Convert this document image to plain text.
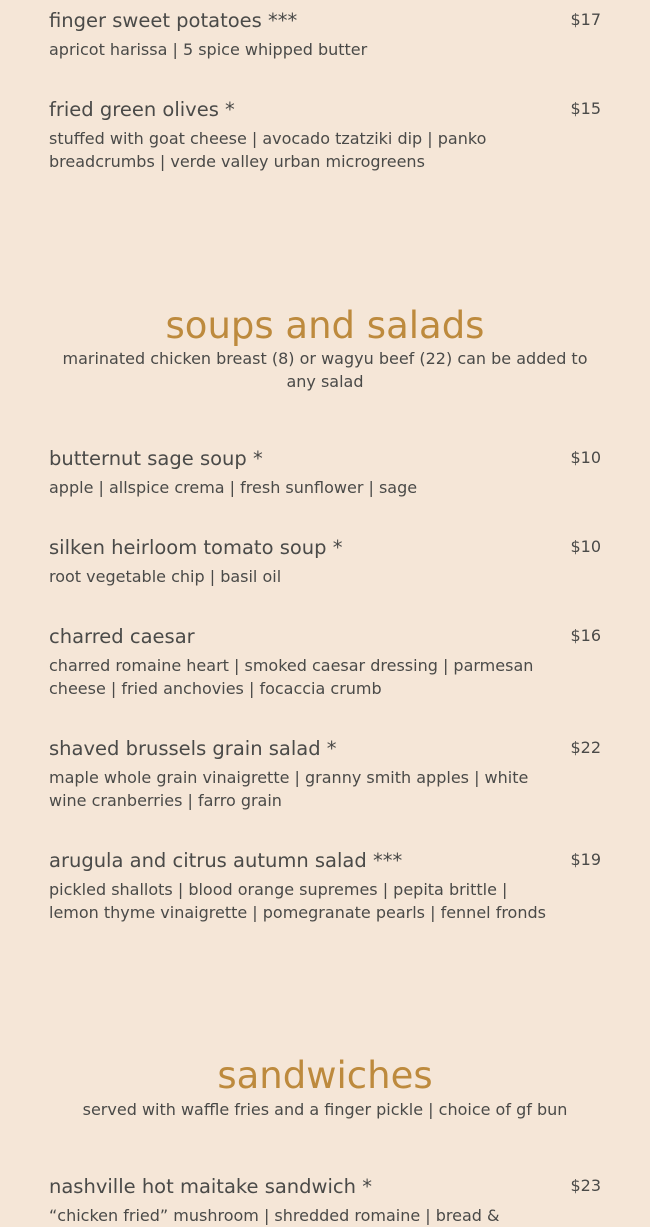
finger sweet potatoes ***	$17
apricot harissa | 5 spice whipped butter
fried green olives *	$15
stuffed with goat cheese | avocado tzatziki dip | panko breadcrumbs | verde valley urban microgreens
soups and salads
marinated chicken breast (8) or wagyu beef (22) can be added to any salad
butternut sage soup *	$10
apple | allspice crema | fresh sunflower | sage
silken heirloom tomato soup *	$10
root vegetable chip | basil oil
charred caesar	$16
charred romaine heart | smoked caesar dressing | parmesan cheese | fried anchovies | focaccia crumb
shaved brussels grain salad *	$22
maple whole grain vinaigrette | granny smith apples | white wine cranberries | farro grain
arugula and citrus autumn salad ***	$19
pickled shallots | blood orange supremes | pepita brittle | lemon thyme vinaigrette | pomegranate pearls | fennel fronds
sandwiches
served with waffle fries and a finger pickle | choice of gf bun
nashville hot maitake sandwich *	$23
“chicken fried” mushroom | shredded romaine | bread &
